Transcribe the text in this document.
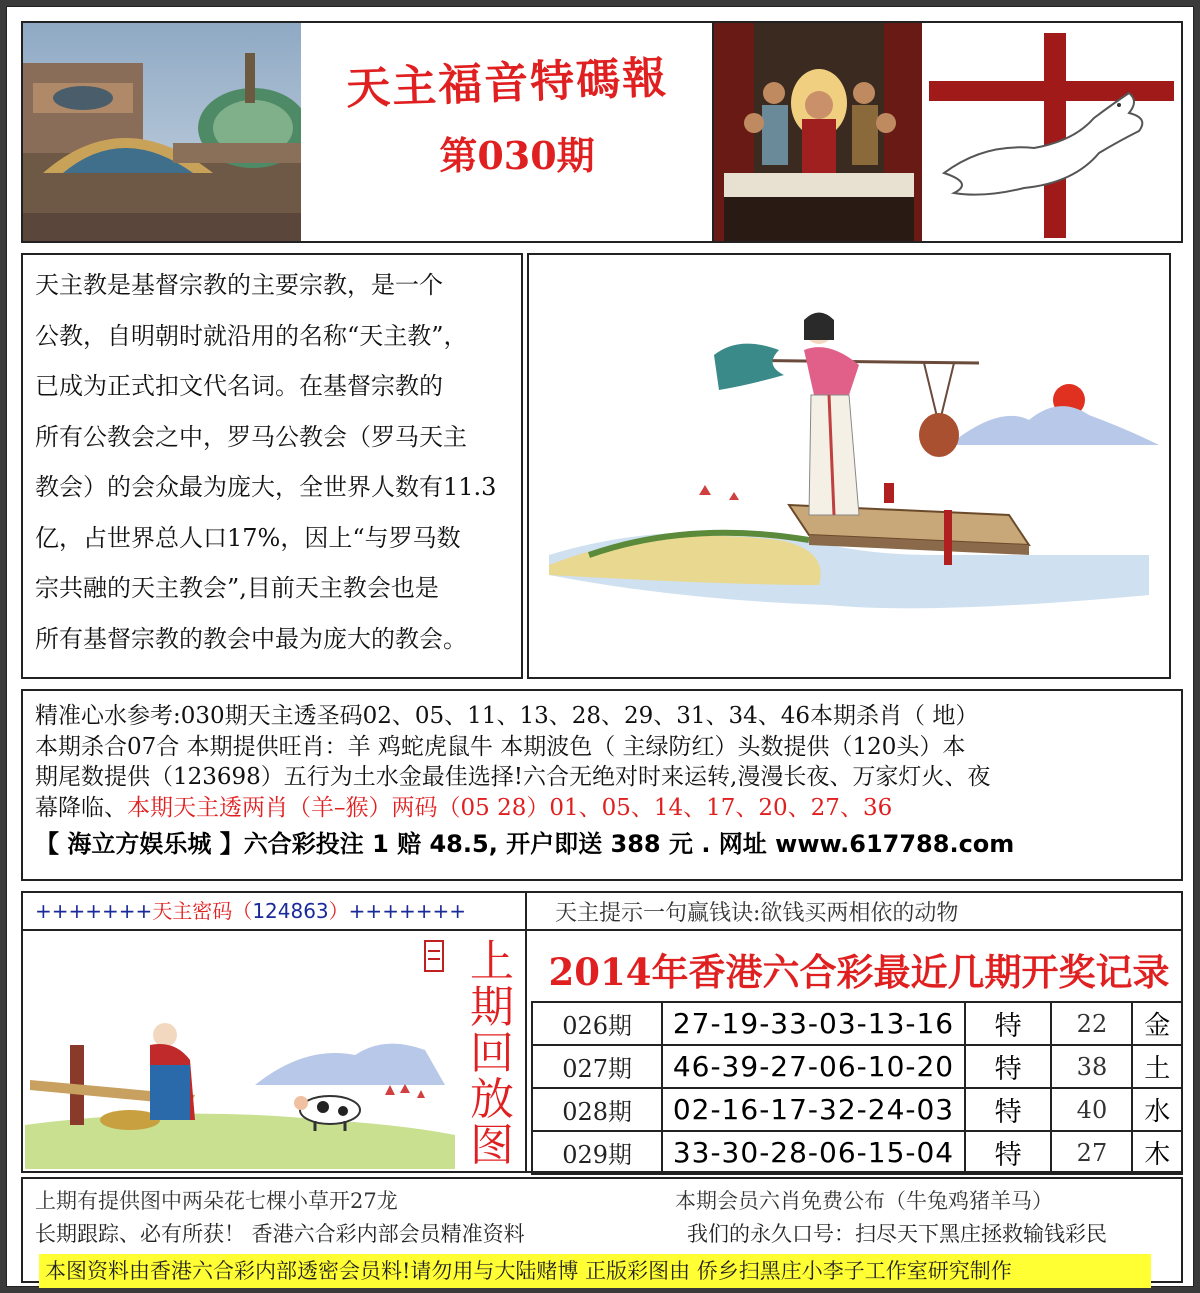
天主福音特碼報
第030期
天主教是基督宗教的主要宗教，是一个
公教，自明朝时就沿用的名称“天主教”，
已成为正式扣文代名词。在基督宗教的
所有公教会之中，罗马公教会（罗马天主
教会）的会众最为庞大，全世界人数有11.3
亿，占世界总人口17%，因上“与罗马数
宗共融的天主教会”,目前天主教会也是
所有基督宗教的教会中最为庞大的教会。
精准心水参考:030期天主透圣码02、05、11、13、28、29、31、34、46本期杀肖（ 地）
本期杀合07合 本期提供旺肖：羊 鸡蛇虎鼠牛 本期波色（ 主绿防红）头数提供（120头）本
期尾数提供（123698）五行为土水金最佳选择!六合无绝对时来运转,漫漫长夜、万家灯火、夜
幕降临、本期天主透两肖（羊–猴）两码（05 28）01、05、14、17、20、27、36
【 海立方娱乐城 】六合彩投注 1 赔 48.5, 开户即送 388 元 . 网址 www.617788.com
+++++++天主密码（124863）+++++++	天主提示一句赢钱诀:欲钱买两相依的动物
上
期
回
放
图
2014年香港六合彩最近几期开奖记录
026期	27-19-33-03-13-16	特	22	金
027期	46-39-27-06-10-20	特	38	土
028期	02-16-17-32-24-03	特	40	水
029期	33-30-28-06-15-04	特	27	木
上期有提供图中两朵花七棵小草开27龙	本期会员六肖免费公布（牛兔鸡猪羊马）
长期跟踪、必有所获！ 香港六合彩内部会员精准资料	我们的永久口号：扫尽天下黑庄拯救输钱彩民
本图资料由香港六合彩内部透密会员料!请勿用与大陆赌博 正版彩图由 侨乡扫黑庄小李子工作室研究制作
